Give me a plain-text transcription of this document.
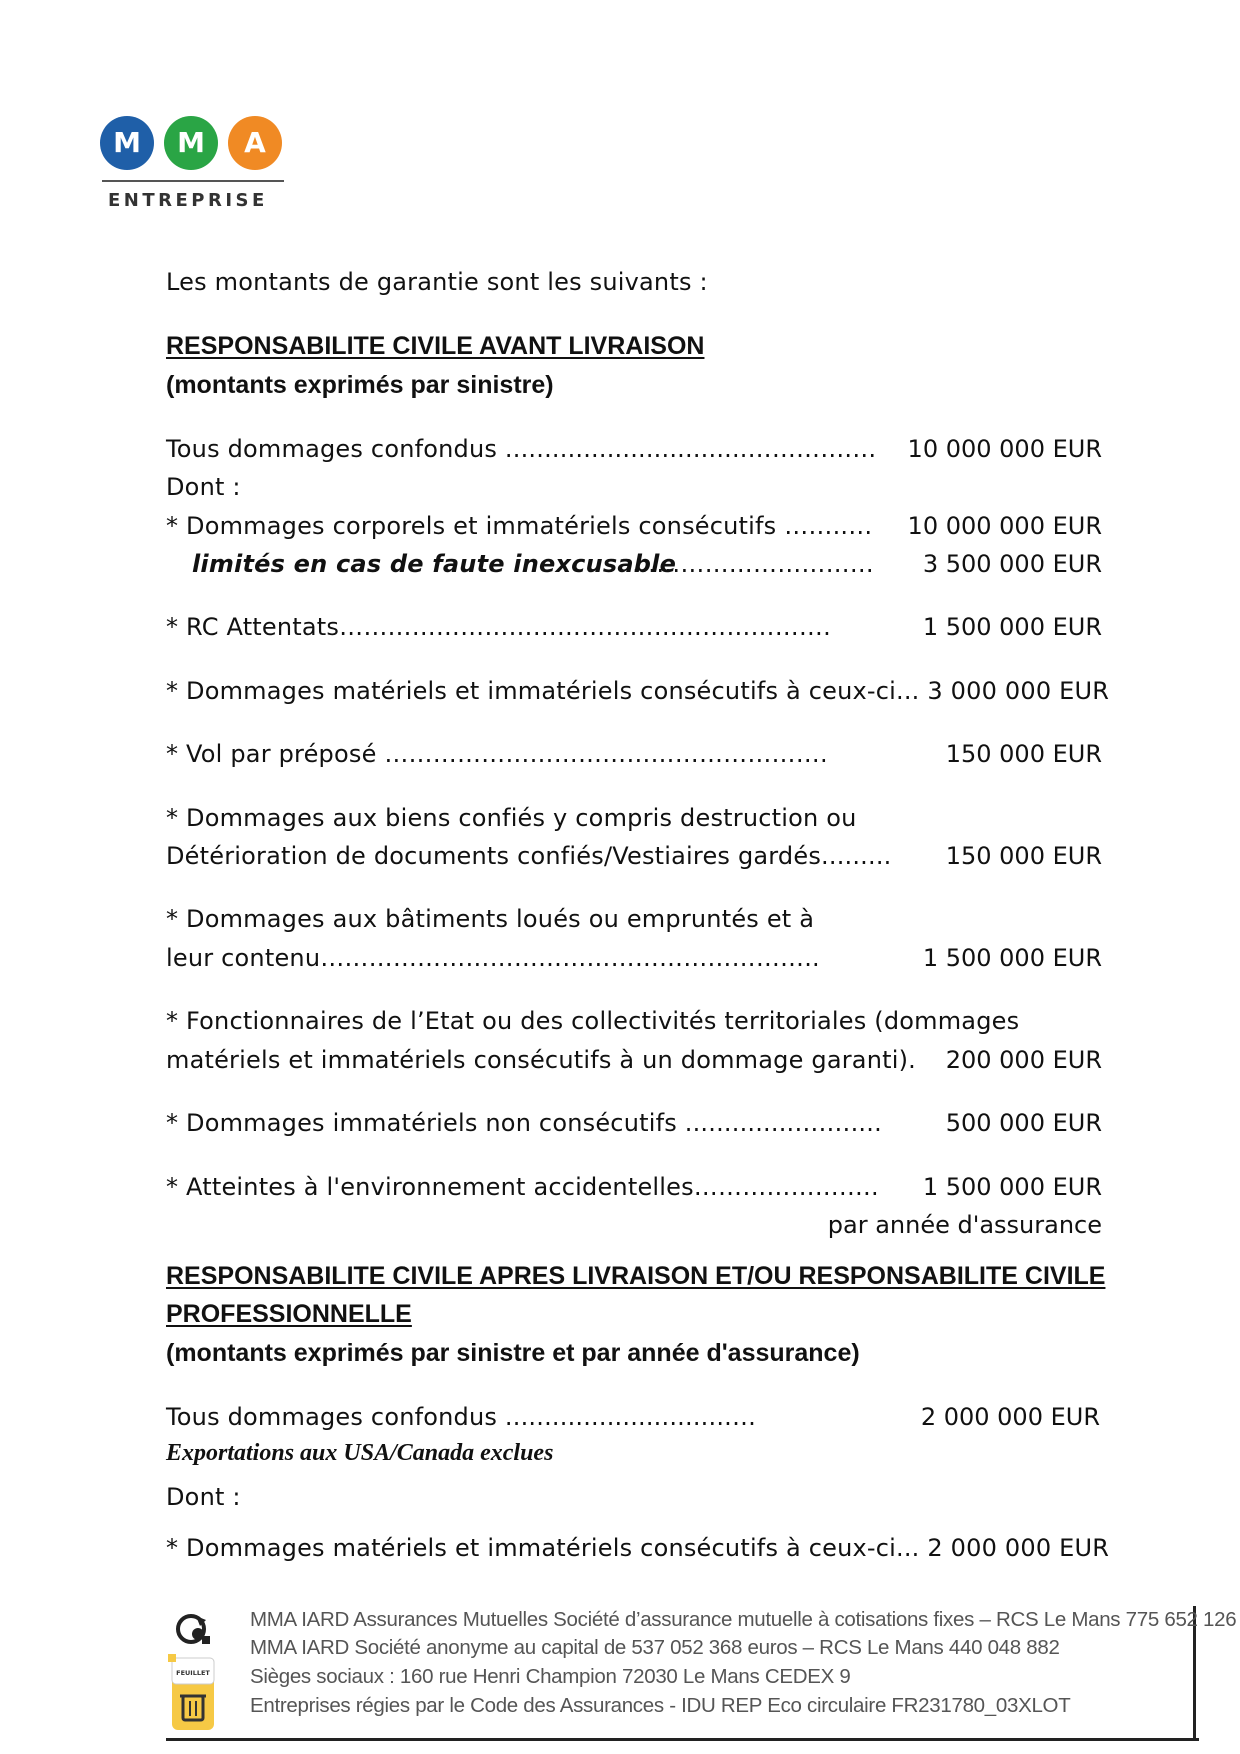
M	M	A
ENTREPRISE
Les montants de garantie sont les suivants :
RESPONSABILITE CIVILE AVANT LIVRAISON
(montants exprimés par sinistre)
Tous dommages confondus ...............................………….… 10 000 000 EUR
Dont :
* Dommages corporels et immatériels consécutifs ……..… 10 000 000 EUR
limités en cas de faute inexcusable
………………………… 3 500 000 EUR
* RC Attentats…………………………………………………….	1 500 000 EUR
* Dommages matériels et immatériels consécutifs à ceux-ci... 3 000 000 EUR
* Vol par préposé ……………………………………………….	150 000 EUR
* Dommages aux biens confiés y compris destruction ou
Détérioration de documents confiés/Vestiaires gardés......... 150 000 EUR
* Dommages aux bâtiments loués ou empruntés et à
leur contenu……………………………………………………..	1 500 000 EUR
* Fonctionnaires de l’Etat ou des collectivités territoriales (dommages
matériels et immatériels consécutifs à un dommage garanti). 200 000 EUR
* Dommages immatériels non consécutifs ..............….…....	500 000 EUR
* Atteintes à l'environnement accidentelles……………….…. 1 500 000 EUR
par année d'assurance
RESPONSABILITE CIVILE APRES LIVRAISON ET/OU RESPONSABILITE CIVILE
PROFESSIONNELLE
(montants exprimés par sinistre et par année d'assurance)
Tous dommages confondus .............................…	2 000 000 EUR
Exportations aux USA/Canada exclues
Dont :
* Dommages matériels et immatériels consécutifs à ceux-ci... 2 000 000 EUR
FEUILLET
MMA IARD Assurances Mutuelles Société d’assurance mutuelle à cotisations fixes – RCS Le Mans 775 652 126
MMA IARD Société anonyme au capital de 537 052 368 euros – RCS Le Mans 440 048 882
Sièges sociaux : 160 rue Henri Champion 72030 Le Mans CEDEX 9
Entreprises régies par le Code des Assurances - IDU REP Eco circulaire FR231780_03XLOT
